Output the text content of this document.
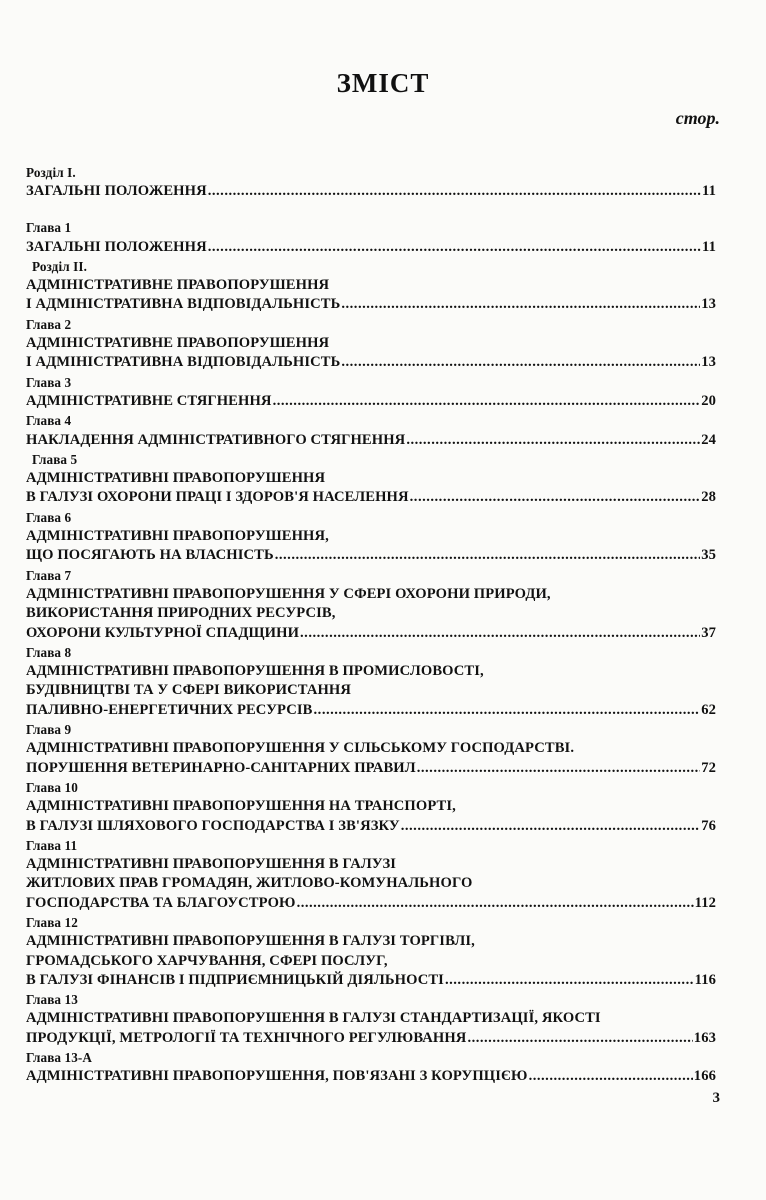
ЗМІСТ
стор.
Розділ І.
ЗАГАЛЬНІ ПОЛОЖЕННЯ .....	11
Глава 1
ЗАГАЛЬНІ ПОЛОЖЕННЯ .....	11
Розділ ІІ.
АДМІНІСТРАТИВНЕ ПРАВОПОРУШЕННЯ
І АДМІНІСТРАТИВНА ВІДПОВІДАЛЬНІСТЬ .....	13
Глава 2
АДМІНІСТРАТИВНЕ ПРАВОПОРУШЕННЯ
І АДМІНІСТРАТИВНА ВІДПОВІДАЛЬНІСТЬ .....	13
Глава 3
АДМІНІСТРАТИВНЕ СТЯГНЕННЯ .....	20
Глава 4
НАКЛАДЕННЯ АДМІНІСТРАТИВНОГО СТЯГНЕННЯ .....	24
Глава 5
АДМІНІСТРАТИВНІ ПРАВОПОРУШЕННЯ
В ГАЛУЗІ ОХОРОНИ ПРАЦІ І ЗДОРОВ'Я НАСЕЛЕННЯ .....	28
Глава 6
АДМІНІСТРАТИВНІ ПРАВОПОРУШЕННЯ,
ЩО ПОСЯГАЮТЬ НА ВЛАСНІСТЬ .....	35
Глава 7
АДМІНІСТРАТИВНІ ПРАВОПОРУШЕННЯ У СФЕРІ ОХОРОНИ ПРИРОДИ,
ВИКОРИСТАННЯ ПРИРОДНИХ РЕСУРСІВ,
ОХОРОНИ КУЛЬТУРНОЇ СПАДЩИНИ .....	37
Глава 8
АДМІНІСТРАТИВНІ ПРАВОПОРУШЕННЯ В ПРОМИСЛОВОСТІ,
БУДІВНИЦТВІ ТА У СФЕРІ ВИКОРИСТАННЯ
ПАЛИВНО-ЕНЕРГЕТИЧНИХ РЕСУРСІВ .....	62
Глава 9
АДМІНІСТРАТИВНІ ПРАВОПОРУШЕННЯ У СІЛЬСЬКОМУ ГОСПОДАРСТВІ.
ПОРУШЕННЯ ВЕТЕРИНАРНО-САНІТАРНИХ ПРАВИЛ .....	72
Глава 10
АДМІНІСТРАТИВНІ ПРАВОПОРУШЕННЯ НА ТРАНСПОРТІ,
В ГАЛУЗІ ШЛЯХОВОГО ГОСПОДАРСТВА І ЗВ'ЯЗКУ .....	76
Глава 11
АДМІНІСТРАТИВНІ ПРАВОПОРУШЕННЯ В ГАЛУЗІ
ЖИТЛОВИХ ПРАВ ГРОМАДЯН, ЖИТЛОВО-КОМУНАЛЬНОГО
ГОСПОДАРСТВА ТА БЛАГОУСТРОЮ .....	112
Глава 12
АДМІНІСТРАТИВНІ ПРАВОПОРУШЕННЯ В ГАЛУЗІ ТОРГІВЛІ,
ГРОМАДСЬКОГО ХАРЧУВАННЯ, СФЕРІ ПОСЛУГ,
В ГАЛУЗІ ФІНАНСІВ І ПІДПРИЄМНИЦЬКІЙ ДІЯЛЬНОСТІ .....	116
Глава 13
АДМІНІСТРАТИВНІ ПРАВОПОРУШЕННЯ В ГАЛУЗІ СТАНДАРТИЗАЦІЇ, ЯКОСТІ
ПРОДУКЦІЇ, МЕТРОЛОГІЇ ТА ТЕХНІЧНОГО РЕГУЛЮВАННЯ .....	163
Глава 13-А
АДМІНІСТРАТИВНІ ПРАВОПОРУШЕННЯ, ПОВ'ЯЗАНІ З КОРУПЦІЄЮ .....	166
3
